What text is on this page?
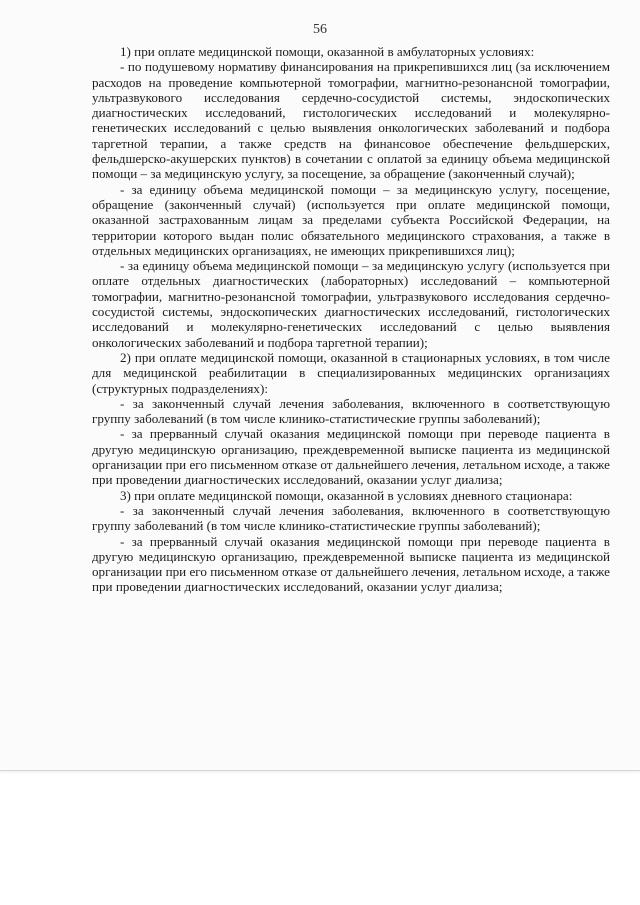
56

1) при оплате медицинской помощи, оказанной в амбулаторных условиях:

- по подушевому нормативу финансирования на прикрепившихся лиц (за исключением расходов на проведение компьютерной томографии, магнитно-резонансной томографии, ультразвукового исследования сердечно-сосудистой системы, эндоскопических диагностических исследований, гистологических исследований и молекулярно-генетических исследований с целью выявления онкологических заболеваний и подбора таргетной терапии, а также средств на финансовое обеспечение фельдшерских, фельдшерско-акушерских пунктов) в сочетании с оплатой за единицу объема медицинской помощи – за медицинскую услугу, за посещение, за обращение (законченный случай);

- за единицу объема медицинской помощи – за медицинскую услугу, посещение, обращение (законченный случай) (используется при оплате медицинской помощи, оказанной застрахованным лицам за пределами субъекта Российской Федерации, на территории которого выдан полис обязательного медицинского страхования, а также в отдельных медицинских организациях, не имеющих прикрепившихся лиц);

- за единицу объема медицинской помощи – за медицинскую услугу (используется при оплате отдельных диагностических (лабораторных) исследований – компьютерной томографии, магнитно-резонансной томографии, ультразвукового исследования сердечно-сосудистой системы, эндоскопических диагностических исследований, гистологических исследований и молекулярно-генетических исследований с целью выявления онкологических заболеваний и подбора таргетной терапии);

2) при оплате медицинской помощи, оказанной в стационарных условиях, в том числе для медицинской реабилитации в специализированных медицинских организациях (структурных подразделениях):

- за законченный случай лечения заболевания, включенного в соответствующую группу заболеваний (в том числе клинико-статистические группы заболеваний);

- за прерванный случай оказания медицинской помощи при переводе пациента в другую медицинскую организацию, преждевременной выписке пациента из медицинской организации при его письменном отказе от дальнейшего лечения, летальном исходе, а также при проведении диагностических исследований, оказании услуг диализа;

3) при оплате медицинской помощи, оказанной в условиях дневного стационара:

- за законченный случай лечения заболевания, включенного в соответствующую группу заболеваний (в том числе клинико-статистические группы заболеваний);

- за прерванный случай оказания медицинской помощи при переводе пациента в другую медицинскую организацию, преждевременной выписке пациента из медицинской организации при его письменном отказе от дальнейшего лечения, летальном исходе, а также при проведении диагностических исследований, оказании услуг диализа;
